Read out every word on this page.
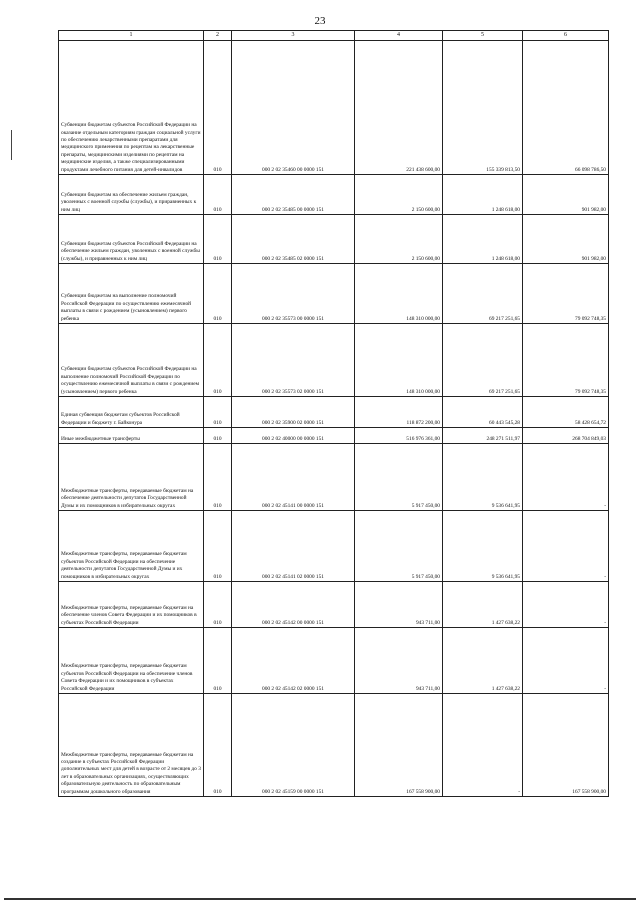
23
1	2	3	4	5	6
Субвенции бюджетам субъектов Российской Федерации на оказание отдельным категориям граждан социальной услуги по обеспечению лекарственными препаратами для медицинского применения по рецептам на лекарственные препараты, медицинскими изделиями по рецептам на медицинские изделия, а также специализированными продуктами лечебного питания для детей-инвалидов	010	000 2 02 35460 00 0000 151	221 438 600,00	155 339 813,50	66 098 786,50
Субвенции бюджетам на обеспечение жильем граждан, уволенных с военной службы (службы), и приравненных к ним лиц	010	000 2 02 35485 00 0000 151	2 150 600,00	1 248 618,00	901 982,00
Субвенции бюджетам субъектов Российской Федерации на обеспечение жильем граждан, уволенных с военной службы (службы), и приравненных к ним лиц	010	000 2 02 35485 02 0000 151	2 150 600,00	1 248 618,00	901 982,00
Субвенции бюджетам на выполнение полномочий Российской Федерации по осуществлению ежемесячной выплаты в связи с рождением (усыновлением) первого ребенка	010	000 2 02 35573 00 0000 151	148 310 000,00	69 217 251,65	79 092 748,35
Субвенции бюджетам субъектов Российской Федерации на выполнение полномочий Российской Федерации по осуществлению ежемесячной выплаты в связи с рождением (усыновлением) первого ребенка	010	000 2 02 35573 02 0000 151	148 310 000,00	69 217 251,65	79 092 748,35
Единая субвенция бюджетам субъектов Российской Федерации и бюджету г. Байконура	010	000 2 02 35900 02 0000 151	118 872 200,00	60 443 545,28	58 428 654,72
Иные межбюджетные трансферты	010	000 2 02 40000 00 0000 151	516 976 361,00	248 271 511,97	268 704 849,03
Межбюджетные трансферты, передаваемые бюджетам на обеспечение деятельности депутатов Государственной Думы и их помощников в избирательных округах	010	000 2 02 45141 00 0000 151	5 917 450,00	9 536 641,95	-
Межбюджетные трансферты, передаваемые бюджетам субъектов Российской Федерации на обеспечение деятельности депутатов Государственной Думы и их помощников в избирательных округах	010	000 2 02 45141 02 0000 151	5 917 450,00	9 536 641,95	-
Межбюджетные трансферты, передаваемые бюджетам на обеспечение членов Совета Федерации и их помощников в субъектах Российской Федерации	010	000 2 02 45142 00 0000 151	943 711,00	1 427 638,22	-
Межбюджетные трансферты, передаваемые бюджетам субъектов Российской Федерации на обеспечение членов Совета Федерации и их помощников в субъектах Российской Федерации	010	000 2 02 45142 02 0000 151	943 711,00	1 427 638,22	-
Межбюджетные трансферты, передаваемые бюджетам на создание в субъектах Российской Федерации дополнительных мест для детей в возрасте от 2 месяцев до 3 лет в образовательных организациях, осуществляющих образовательную деятельность по образовательным программам дошкольного образования	010	000 2 02 45159 00 0000 151	167 558 900,00	-	167 558 900,00
